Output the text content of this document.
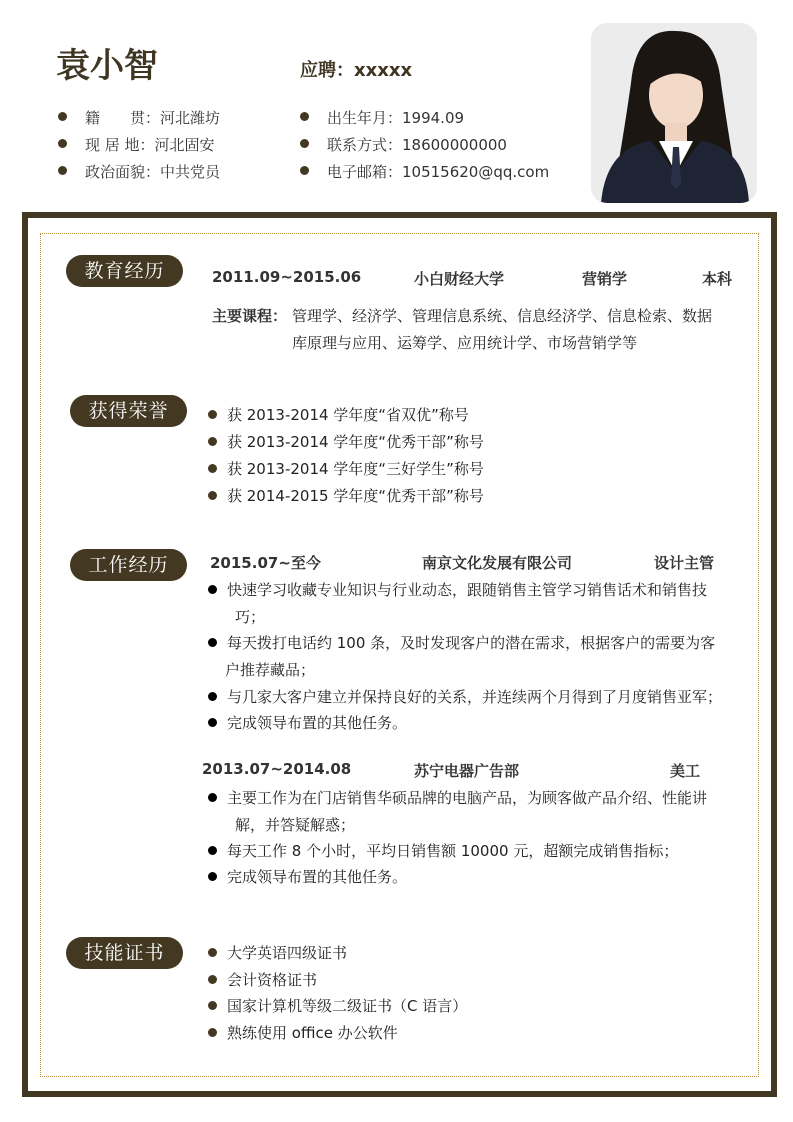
袁小智	应聘：xxxxx
籍　　贯：河北潍坊
现 居 地：河北固安
政治面貌：中共党员
出生年月：1994.09
联系方式：18600000000
电子邮箱：10515620@qq.com
教育经历	2011.09~2015.06	小白财经大学	营销学	本科
主要课程： 管理学、经济学、管理信息系统、信息经济学、信息检索、数据
库原理与应用、运筹学、应用统计学、市场营销学等
获得荣誉	获 2013-2014 学年度“省双优”称号
获 2013-2014 学年度“优秀干部”称号
获 2013-2014 学年度“三好学生”称号
获 2014-2015 学年度“优秀干部”称号
工作经历	2015.07~至今	南京文化发展有限公司	设计主管
快速学习收藏专业知识与行业动态，跟随销售主管学习销售话术和销售技
巧；
每天拨打电话约 100 条，及时发现客户的潜在需求，根据客户的需要为客
户推荐藏品；
与几家大客户建立并保持良好的关系，并连续两个月得到了月度销售亚军；
完成领导布置的其他任务。
2013.07~2014.08	苏宁电器广告部	美工
主要工作为在门店销售华硕品牌的电脑产品，为顾客做产品介绍、性能讲
解，并答疑解惑；
每天工作 8 个小时，平均日销售额 10000 元，超额完成销售指标；
完成领导布置的其他任务。
技能证书	大学英语四级证书
会计资格证书
国家计算机等级二级证书（C 语言）
熟练使用 office 办公软件
